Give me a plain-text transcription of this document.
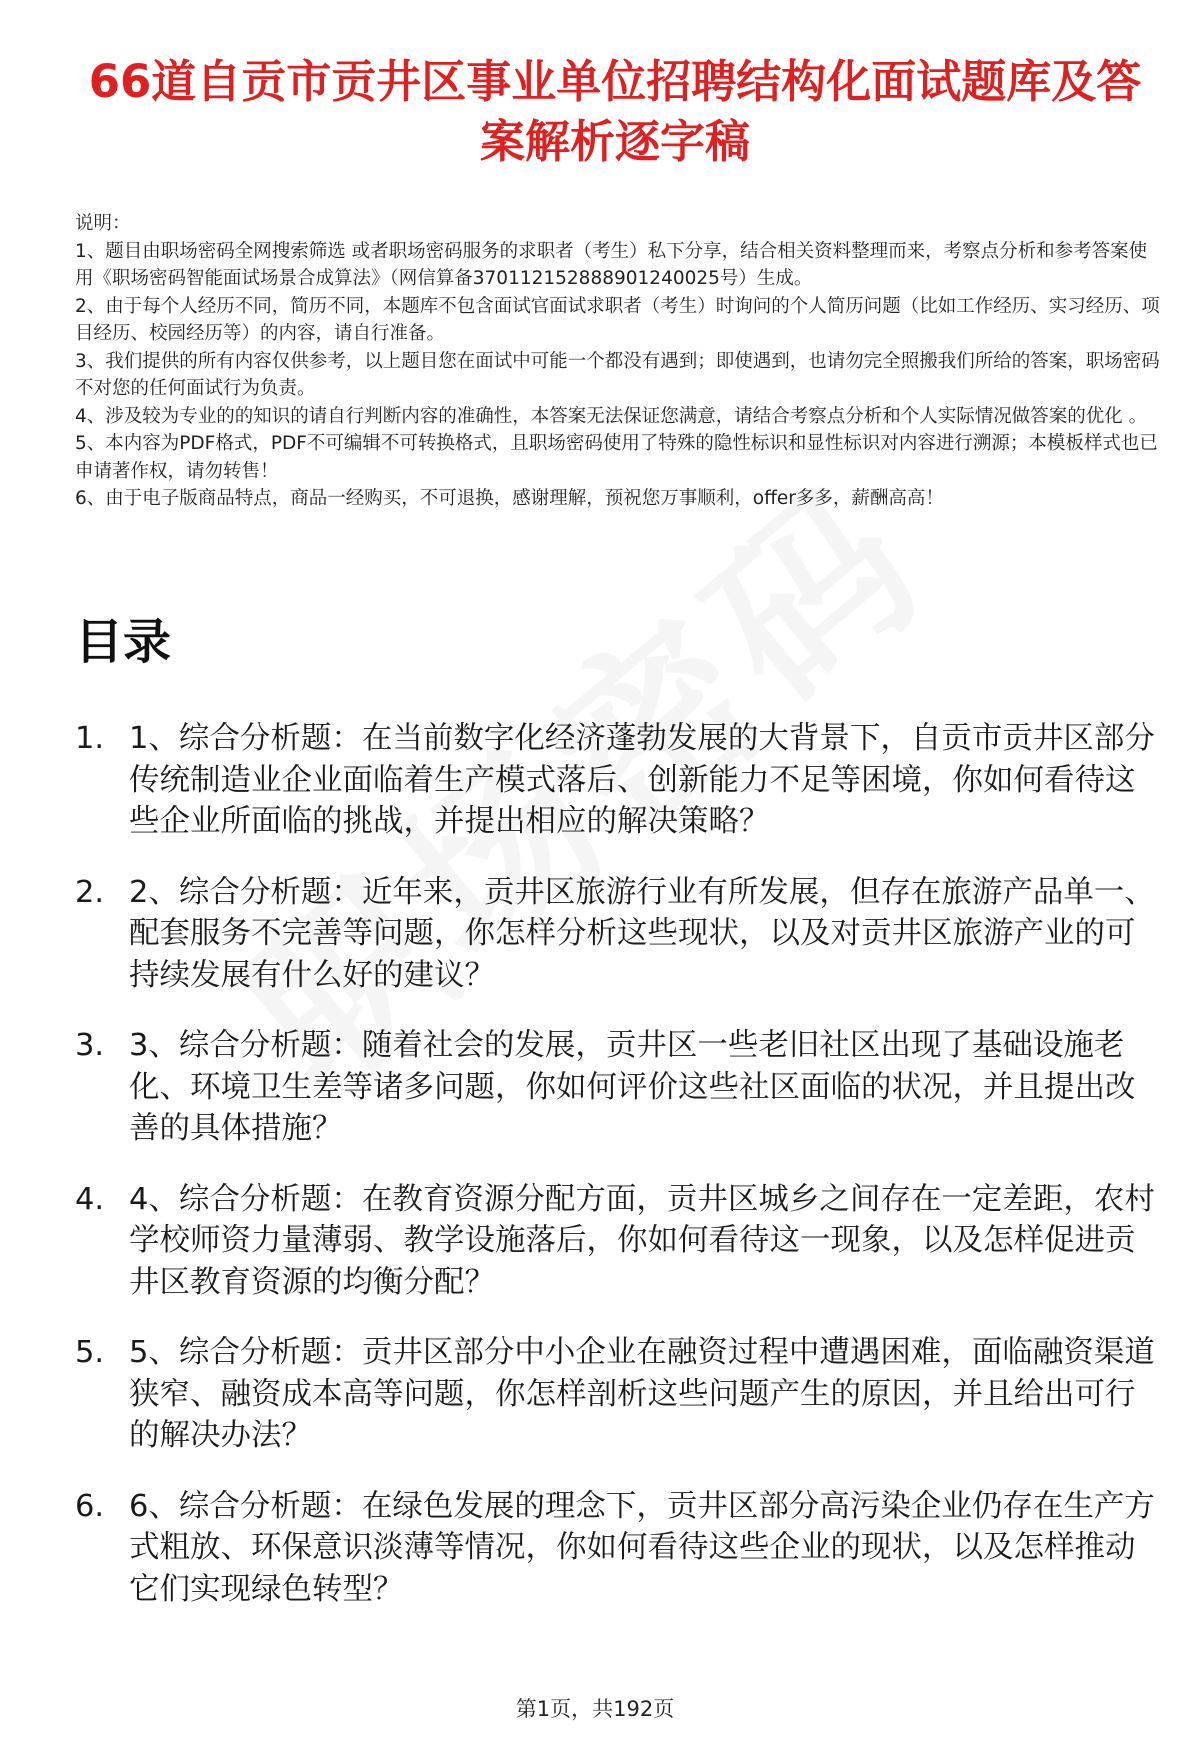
66道自贡市贡井区事业单位招聘结构化面试题库及答案解析逐字稿

说明：

1、题目由职场密码全网搜索筛选 或者职场密码服务的求职者（考生）私下分享，结合相关资料整理而来，考察点分析和参考答案使用《职场密码智能面试场景合成算法》（网信算备370112152888901240025号）生成。

2、由于每个人经历不同，简历不同，本题库不包含面试官面试求职者（考生）时询问的个人简历问题（比如工作经历、实习经历、项目经历、校园经历等）的内容，请自行准备。

3、我们提供的所有内容仅供参考，以上题目您在面试中可能一个都没有遇到；即使遇到，也请勿完全照搬我们所给的答案，职场密码不对您的任何面试行为负责。

4、涉及较为专业的的知识的请自行判断内容的准确性，本答案无法保证您满意，请结合考察点分析和个人实际情况做答案的优化 。

5、本内容为PDF格式，PDF不可编辑不可转换格式，且职场密码使用了特殊的隐性标识和显性标识对内容进行溯源；本模板样式也已申请著作权，请勿转售！

6、由于电子版商品特点，商品一经购买，不可退换，感谢理解，预祝您万事顺利，offer多多，薪酬高高！

目录
1. 1、综合分析题：在当前数字化经济蓬勃发展的大背景下，自贡市贡井区部分传统制造业企业面临着生产模式落后、创新能力不足等困境，你如何看待这些企业所面临的挑战，并提出相应的解决策略？
2. 2、综合分析题：近年来，贡井区旅游行业有所发展，但存在旅游产品单一、配套服务不完善等问题，你怎样分析这些现状，以及对贡井区旅游产业的可持续发展有什么好的建议？
3. 3、综合分析题：随着社会的发展，贡井区一些老旧社区出现了基础设施老化、环境卫生差等诸多问题，你如何评价这些社区面临的状况，并且提出改善的具体措施？
4. 4、综合分析题：在教育资源分配方面，贡井区城乡之间存在一定差距，农村学校师资力量薄弱、教学设施落后，你如何看待这一现象，以及怎样促进贡井区教育资源的均衡分配？
5. 5、综合分析题：贡井区部分中小企业在融资过程中遭遇困难，面临融资渠道狭窄、融资成本高等问题，你怎样剖析这些问题产生的原因，并且给出可行的解决办法？
6. 6、综合分析题：在绿色发展的理念下，贡井区部分高污染企业仍存在生产方式粗放、环保意识淡薄等情况，你如何看待这些企业的现状，以及怎样推动它们实现绿色转型？
第1页，共192页
